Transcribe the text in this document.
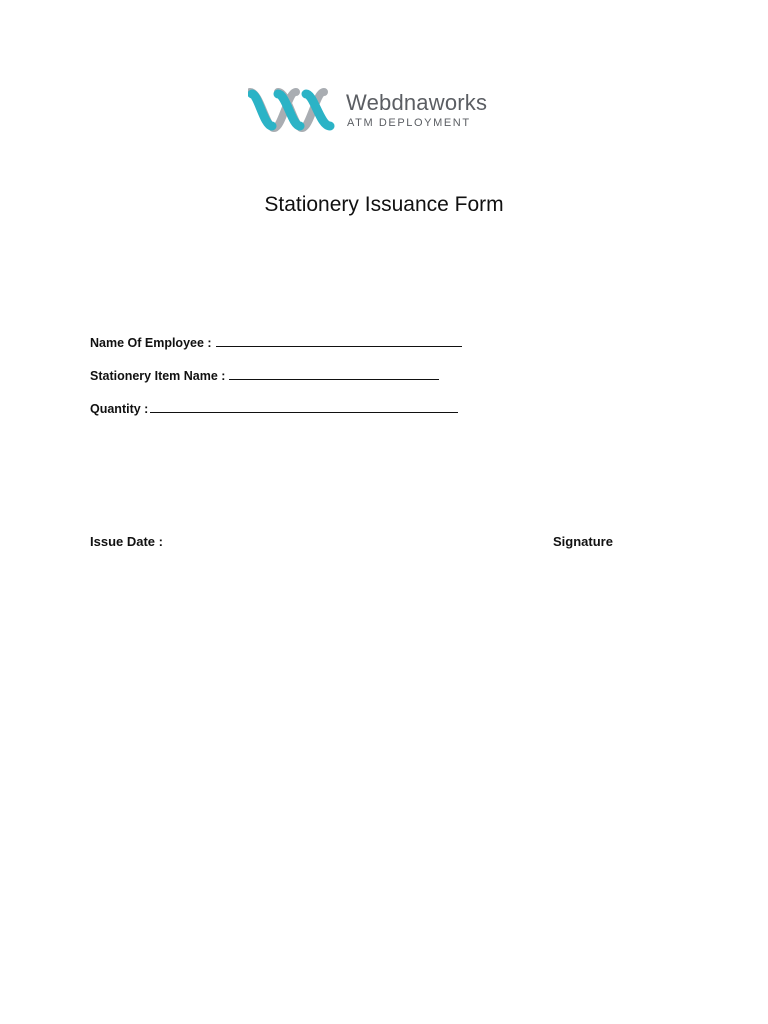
Webdnaworks
ATM DEPLOYMENT
Stationery Issuance Form
Name Of Employee :
Stationery Item Name :
Quantity :
Issue Date :	Signature
